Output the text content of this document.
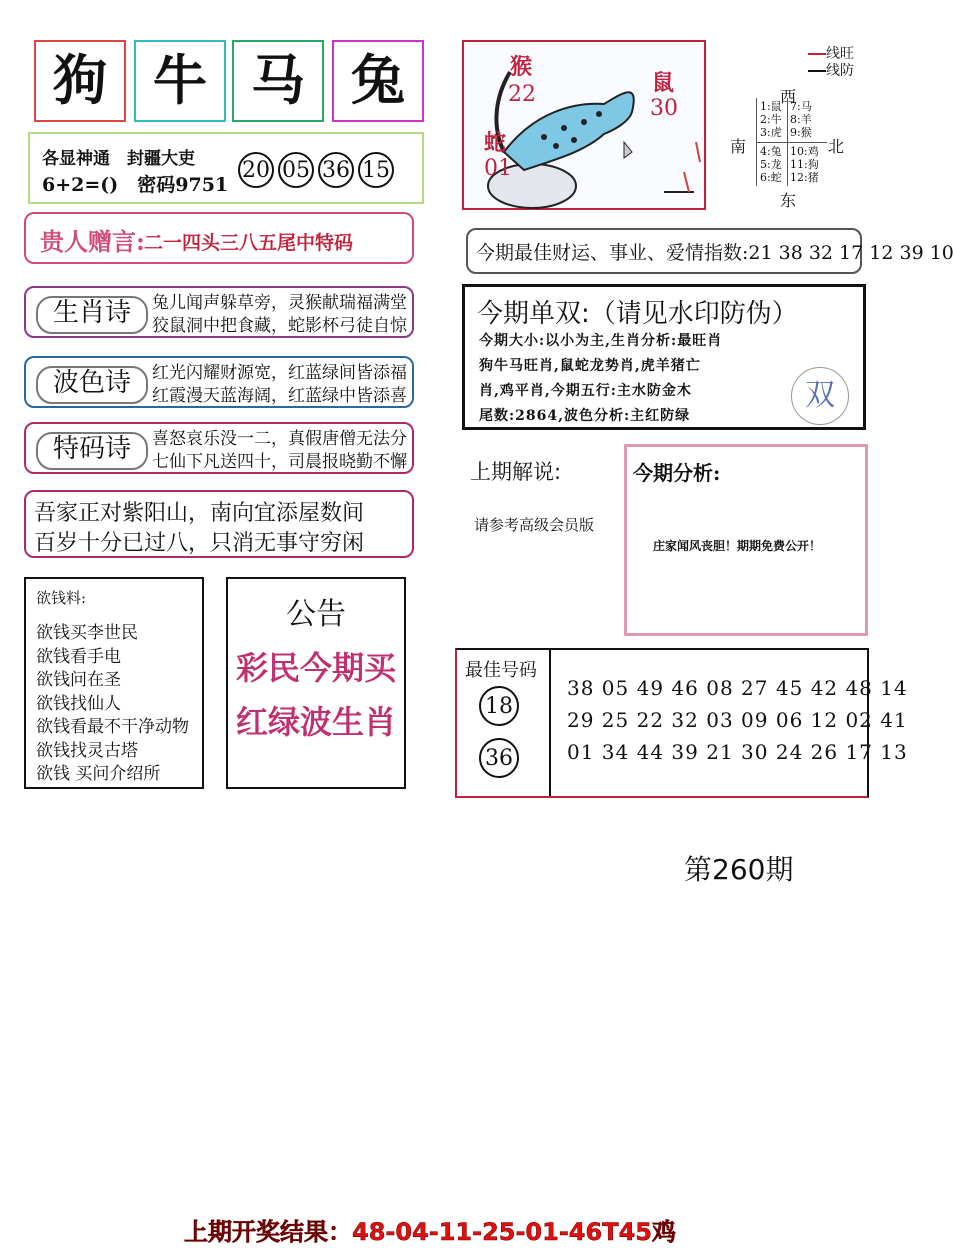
狗 牛 马 兔
各显神通　封疆大吏
6+2=()　密码9751
20 05 36 15
贵人赠言: 二一四头三八五尾中特码
生肖诗	兔儿闻声躲草旁，灵猴献瑞福满堂
狡鼠洞中把食藏，蛇影杯弓徒自惊
波色诗	红光闪耀财源宽，红蓝绿间皆添福
红霞漫天蓝海阔，红蓝绿中皆添喜
特码诗	喜怒哀乐没一二，真假唐僧无法分
七仙下凡送四十，司晨报晓勤不懈
吾家正对紫阳山，南向宜添屋数间
百岁十分已过八，只消无事守穷闲
欲钱料:
欲钱买李世民
欲钱看手电
欲钱问在圣
欲钱找仙人
欲钱看最不干净动物
欲钱找灵古塔
欲钱 买问介绍所
公告
彩民今期买
红绿波生肖
猴
22
蛇
01
鼠
30
线旺
线防
西
南	北
东
1:鼠
2:牛
3:虎
4:兔
5:龙
6:蛇
7:马
8:羊
9:猴
10:鸡
11:狗
12:猪
今期最佳财运、事业、爱情指数:21 38 32 17 12 39 10
今期单双:（请见水印防伪）
今期大小:以小为主,生肖分析:最旺肖
狗牛马旺肖,鼠蛇龙势肖,虎羊猪亡
肖,鸡平肖,今期五行:主水防金木
尾数:2864,波色分析:主红防绿
双
上期解说:
请参考高级会员版
今期分析:
庄家闻风丧胆！期期免费公开！
最佳号码
18
36
38 05 49 46 08 27 45 42 48 14
29 25 22 32 03 09 06 12 02 41
01 34 44 39 21 30 24 26 17 13
第260期
上期开奖结果：48-04-11-25-01-46T45鸡
